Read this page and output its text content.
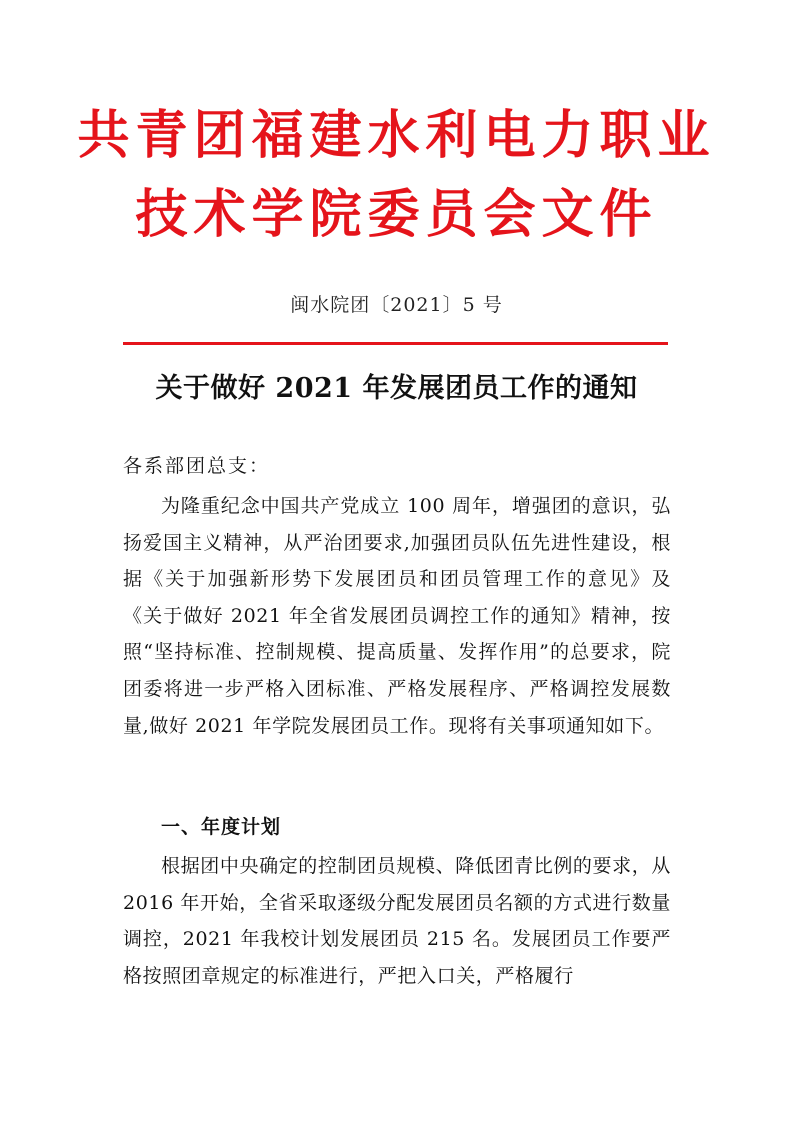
共青团福建水利电力职业
技术学院委员会文件
闽水院团〔2021〕5 号
关于做好 2021 年发展团员工作的通知
各系部团总支：

为隆重纪念中国共产党成立 100 周年，增强团的意识，弘扬爱国主义精神，从严治团要求,加强团员队伍先进性建设，根据《关于加强新形势下发展团员和团员管理工作的意见》及《关于做好 2021 年全省发展团员调控工作的通知》精神，按照“坚持标准、控制规模、提高质量、发挥作用”的总要求，院团委将进一步严格入团标准、严格发展程序、严格调控发展数量,做好 2021 年学院发展团员工作。现将有关事项通知如下。

一、年度计划

根据团中央确定的控制团员规模、降低团青比例的要求，从 2016 年开始，全省采取逐级分配发展团员名额的方式进行数量调控，2021 年我校计划发展团员 215 名。发展团员工作要严格按照团章规定的标准进行，严把入口关，严格履行
